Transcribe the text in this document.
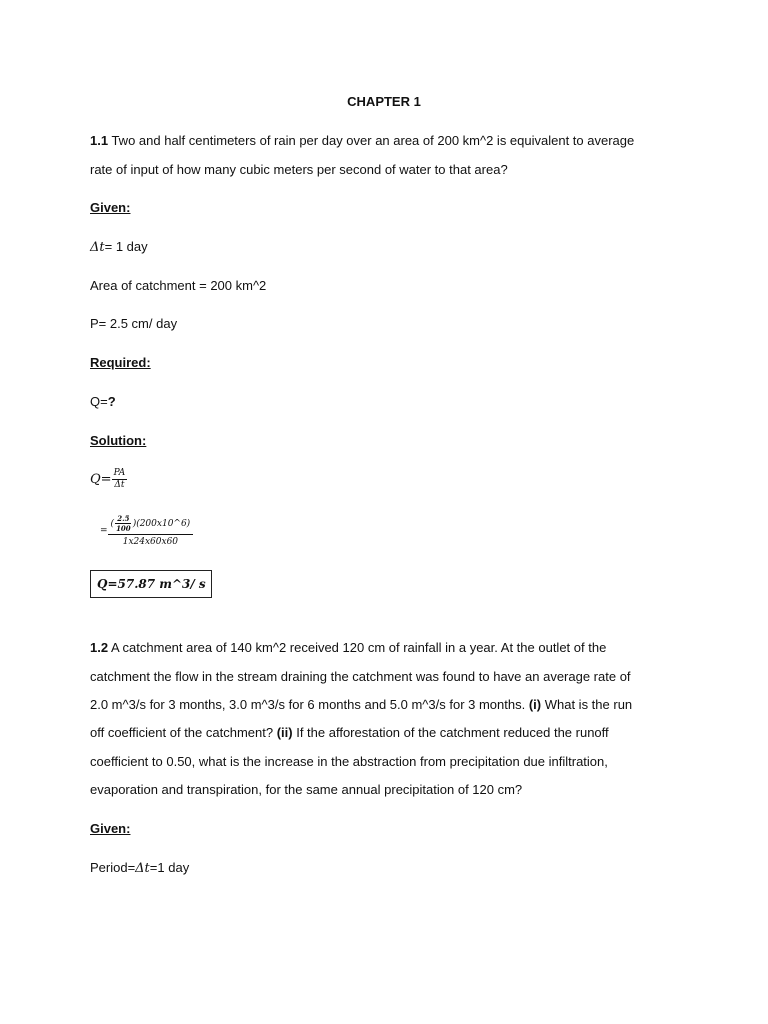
CHAPTER 1
1.1 Two and half centimeters of rain per day over an area of 200 km^2 is equivalent to average
rate of input of how many cubic meters per second of water to that area?
Given:
Δt= 1 day
Area of catchment = 200 km^2
P= 2.5 cm/ day
Required:
Q=?
Solution:
$Q= \frac{PA}{\Delta t}$
= $\frac{( \frac{2.5}{100} )(200x10\^{}6)}{1x24x60x60}$
Q=57.87 m^3/ s
1.2 A catchment area of 140 km^2 received 120 cm of rainfall in a year. At the outlet of the
catchment the flow in the stream draining the catchment was found to have an average rate of
2.0 m^3/s for 3 months, 3.0 m^3/s for 6 months and 5.0 m^3/s for 3 months. (i) What is the run
off coefficient of the catchment? (ii) If the afforestation of the catchment reduced the runoff
coefficient to 0.50, what is the increase in the abstraction from precipitation due infiltration,
evaporation and transpiration, for the same annual precipitation of 120 cm?
Given:
Period=Δt=1 day
